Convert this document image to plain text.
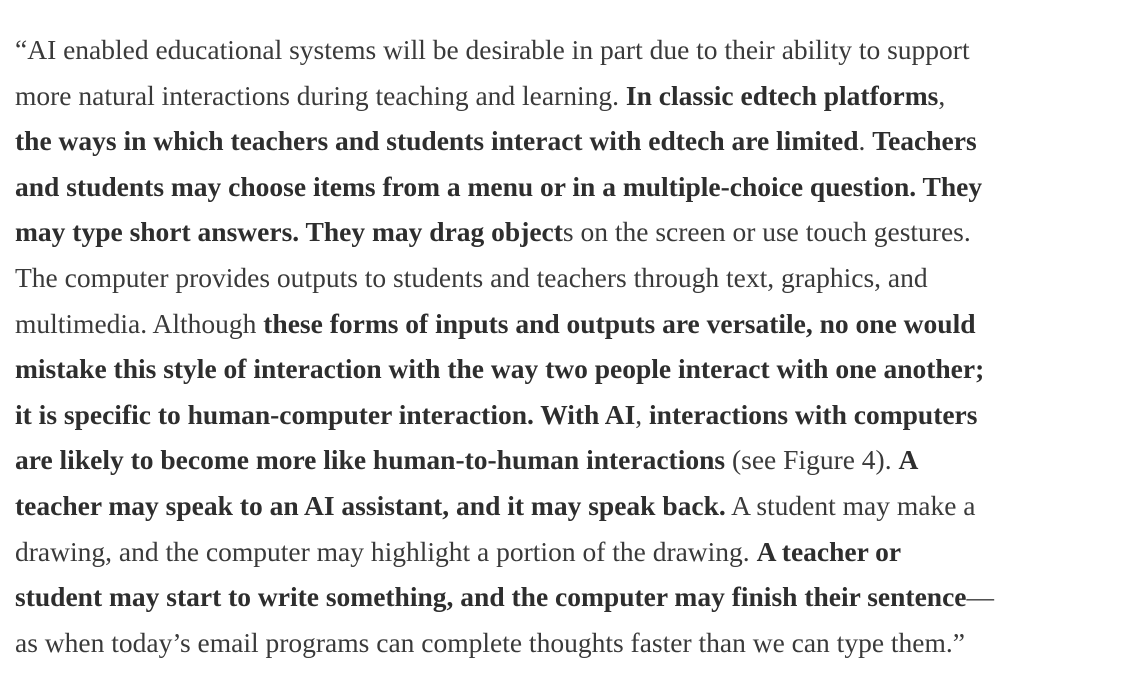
“AI enabled educational systems will be desirable in part due to their ability to support
more natural interactions during teaching and learning. In classic edtech platforms,
the ways in which teachers and students interact with edtech are limited. Teachers
and students may choose items from a menu or in a multiple-choice question. They
may type short answers. They may drag objects on the screen or use touch gestures.
The computer provides outputs to students and teachers through text, graphics, and
multimedia. Although these forms of inputs and outputs are versatile, no one would
mistake this style of interaction with the way two people interact with one another;
it is specific to human-computer interaction. With AI, interactions with computers
are likely to become more like human-to-human interactions (see Figure 4). A
teacher may speak to an AI assistant, and it may speak back. A student may make a
drawing, and the computer may highlight a portion of the drawing. A teacher or
student may start to write something, and the computer may finish their sentence—
as when today’s email programs can complete thoughts faster than we can type them.”
